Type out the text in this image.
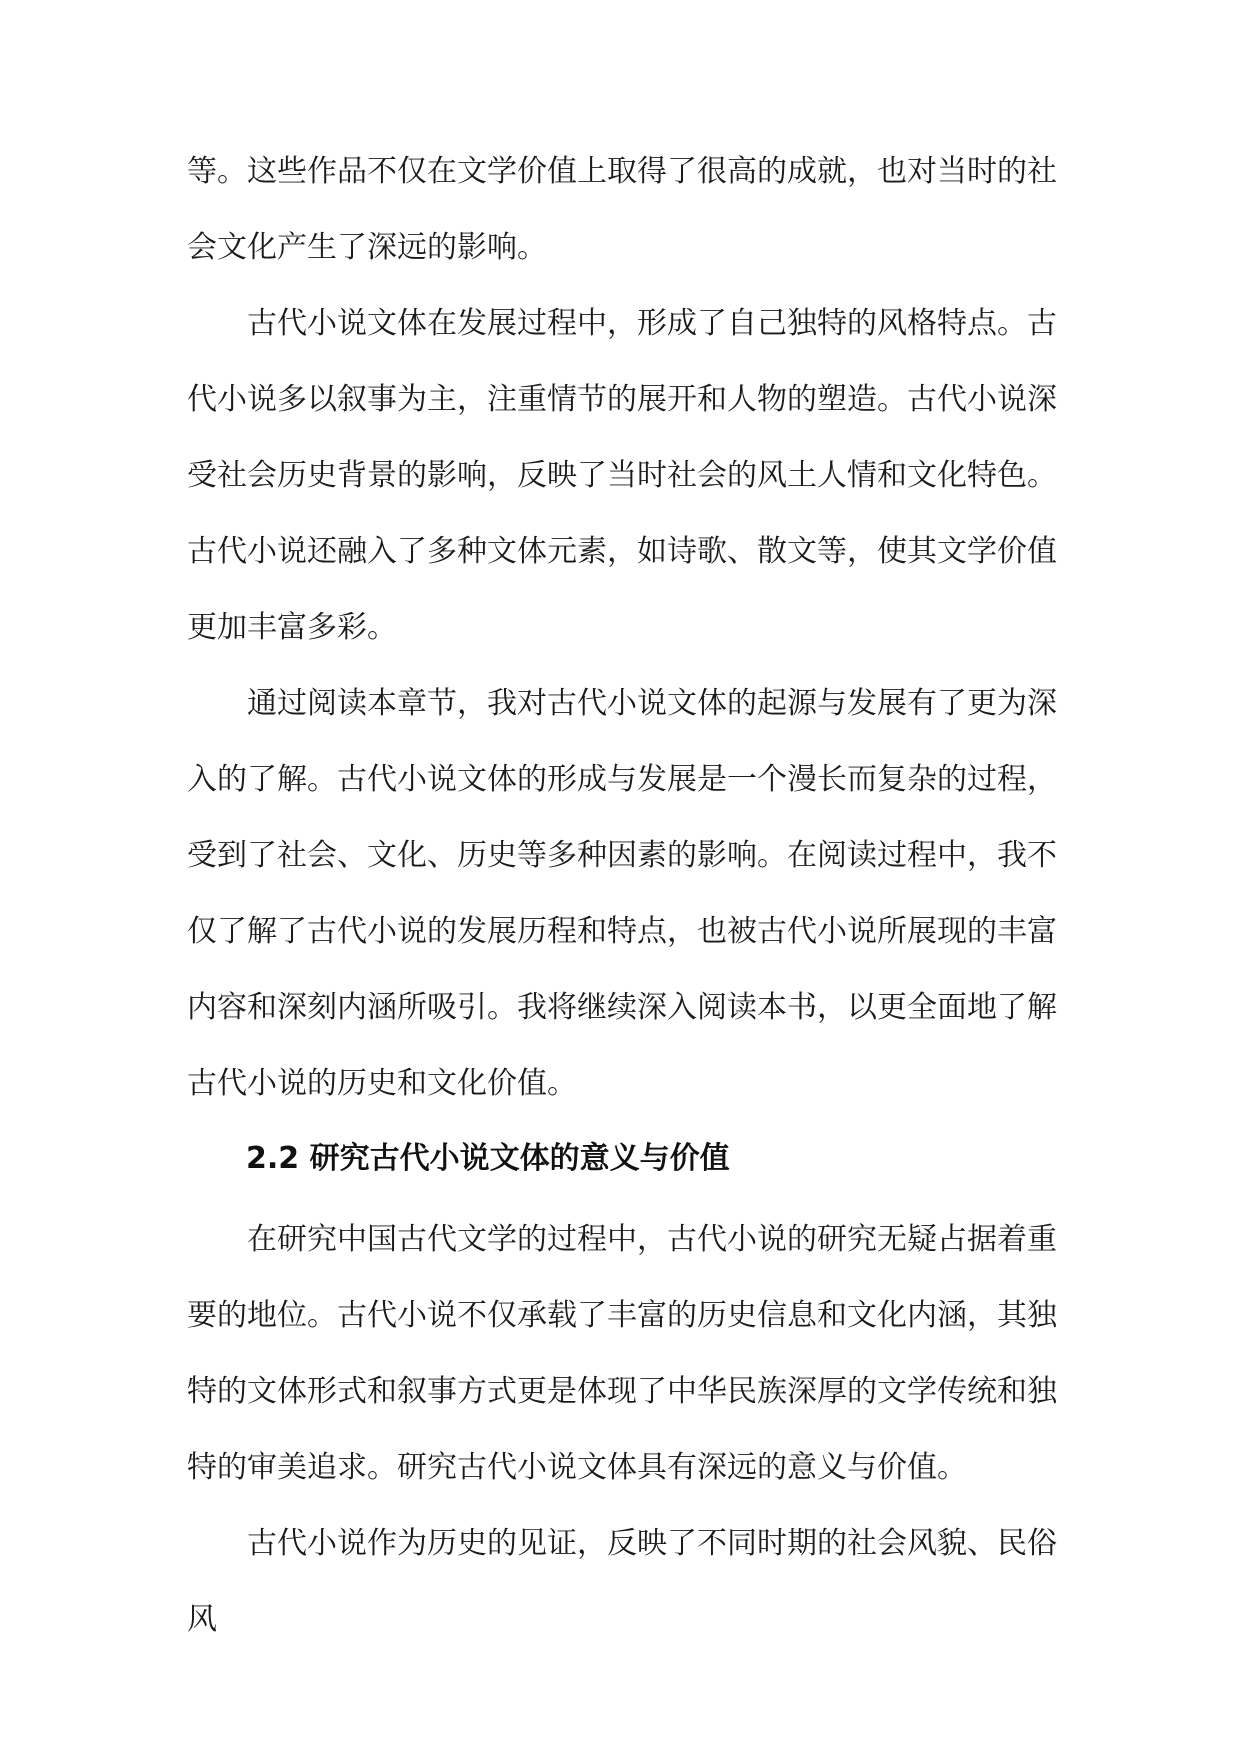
等。这些作品不仅在文学价值上取得了很高的成就，也对当时的社会文化产生了深远的影响。

古代小说文体在发展过程中，形成了自己独特的风格特点。古代小说多以叙事为主，注重情节的展开和人物的塑造。古代小说深受社会历史背景的影响，反映了当时社会的风土人情和文化特色。古代小说还融入了多种文体元素，如诗歌、散文等，使其文学价值更加丰富多彩。

通过阅读本章节，我对古代小说文体的起源与发展有了更为深入的了解。古代小说文体的形成与发展是一个漫长而复杂的过程，受到了社会、文化、历史等多种因素的影响。在阅读过程中，我不仅了解了古代小说的发展历程和特点，也被古代小说所展现的丰富内容和深刻内涵所吸引。我将继续深入阅读本书，以更全面地了解古代小说的历史和文化价值。

2.2 研究古代小说文体的意义与价值

在研究中国古代文学的过程中，古代小说的研究无疑占据着重要的地位。古代小说不仅承载了丰富的历史信息和文化内涵，其独特的文体形式和叙事方式更是体现了中华民族深厚的文学传统和独特的审美追求。研究古代小说文体具有深远的意义与价值。

古代小说作为历史的见证，反映了不同时期的社会风貌、民俗风
